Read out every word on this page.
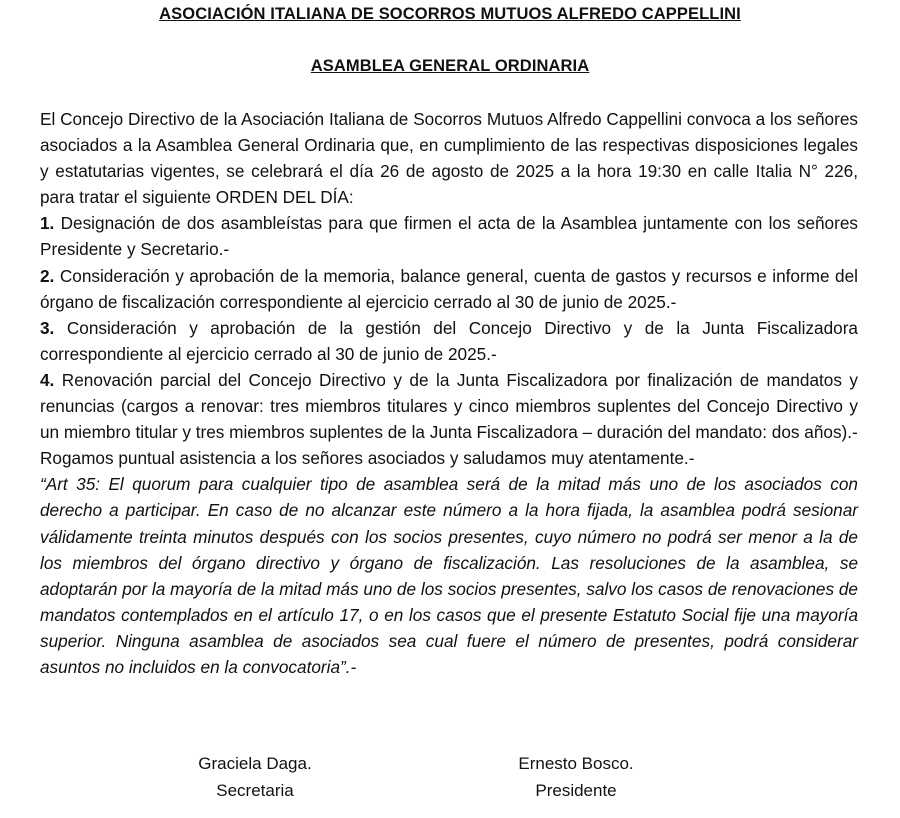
ASOCIACIÓN ITALIANA DE SOCORROS MUTUOS ALFREDO CAPPELLINI
ASAMBLEA GENERAL ORDINARIA

El Concejo Directivo de la Asociación Italiana de Socorros Mutuos Alfredo Cappellini convoca a los señores asociados a la Asamblea General Ordinaria que, en cumplimiento de las respectivas disposiciones legales y estatutarias vigentes, se celebrará el día 26 de agosto de 2025 a la hora 19:30 en calle Italia N° 226, para tratar el siguiente ORDEN DEL DÍA:

1. Designación de dos asambleístas para que firmen el acta de la Asamblea juntamente con los señores Presidente y Secretario.-

2. Consideración y aprobación de la memoria, balance general, cuenta de gastos y recursos e informe del órgano de fiscalización correspondiente al ejercicio cerrado al 30 de junio de 2025.-

3. Consideración y aprobación de la gestión del Concejo Directivo y de la Junta Fiscalizadora correspondiente al ejercicio cerrado al 30 de junio de 2025.-

4. Renovación parcial del Concejo Directivo y de la Junta Fiscalizadora por finalización de mandatos y renuncias (cargos a renovar: tres miembros titulares y cinco miembros suplentes del Concejo Directivo y un miembro titular y tres miembros suplentes de la Junta Fiscalizadora – duración del mandato: dos años).-

Rogamos puntual asistencia a los señores asociados y saludamos muy atentamente.-

“Art 35: El quorum para cualquier tipo de asamblea será de la mitad más uno de los asociados con derecho a participar. En caso de no alcanzar este número a la hora fijada, la asamblea podrá sesionar válidamente treinta minutos después con los socios presentes, cuyo número no podrá ser menor a la de los miembros del órgano directivo y órgano de fiscalización. Las resoluciones de la asamblea, se adoptarán por la mayoría de la mitad más uno de los socios presentes, salvo los casos de renovaciones de mandatos contemplados en el artículo 17, o en los casos que el presente Estatuto Social fije una mayoría superior. Ninguna asamblea de asociados sea cual fuere el número de presentes, podrá considerar asuntos no incluidos en la convocatoria”.-

Graciela Daga.
Secretaria
Ernesto Bosco.
Presidente
